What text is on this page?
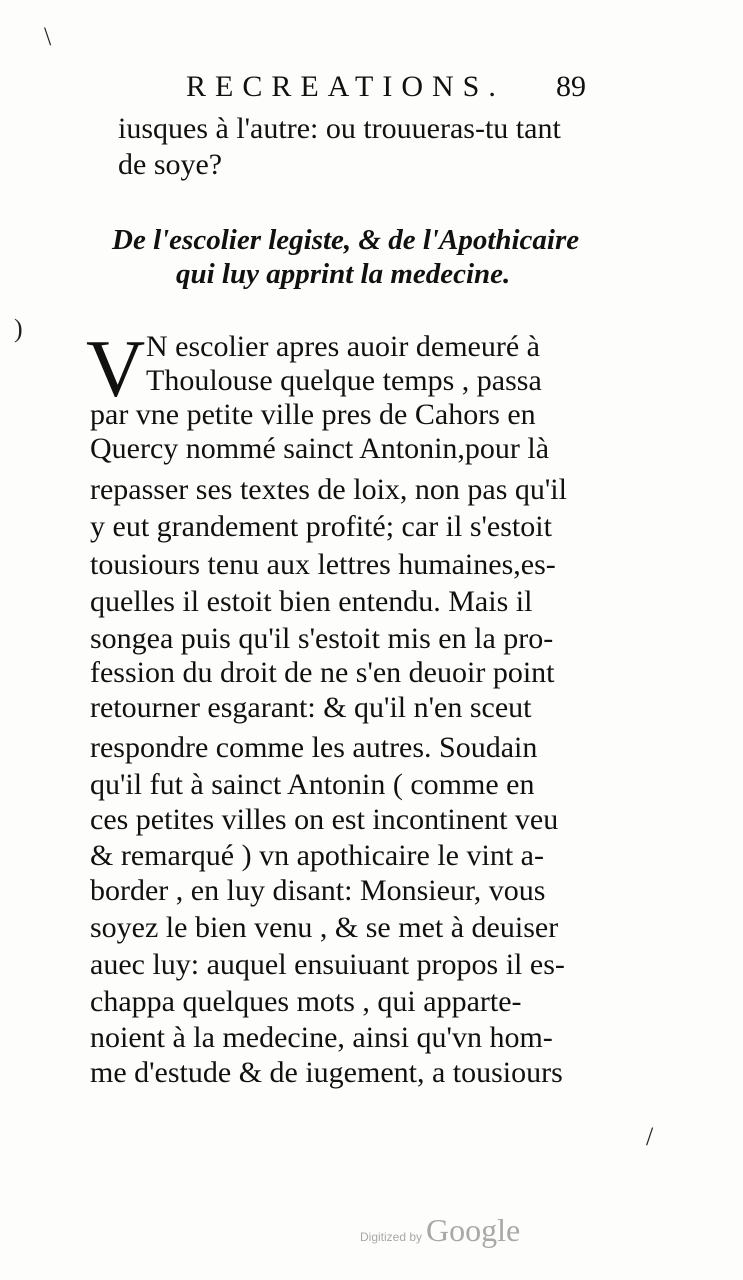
RECREATIONS. 89
iusques à l'autre: ou trouueras-tu tant
de soye?
De l'escolier legiste, & de l'Apothicaire
qui luy apprint la medecine.
V N escolier apres auoir demeuré à
Thoulouse quelque temps , passa
par vne petite ville pres de Cahors en
Quercy nommé sainct Antonin,pour là
repasser ses textes de loix, non pas qu'il
y eut grandement profité; car il s'estoit
tousiours tenu aux lettres humaines,es-
quelles il estoit bien entendu. Mais il
songea puis qu'il s'estoit mis en la pro-
fession du droit de ne s'en deuoir point
retourner esgarant: & qu'il n'en sceut
respondre comme les autres. Soudain
qu'il fut à sainct Antonin ( comme en
ces petites villes on est incontinent veu
& remarqué ) vn apothicaire le vint a-
border , en luy disant: Monsieur, vous
soyez le bien venu , & se met à deuiser
auec luy: auquel ensuiuant propos il es-
chappa quelques mots , qui apparte-
noient à la medecine, ainsi qu'vn hom-
me d'estude & de iugement, a tousiours
\
)
/
Digitized by Google
